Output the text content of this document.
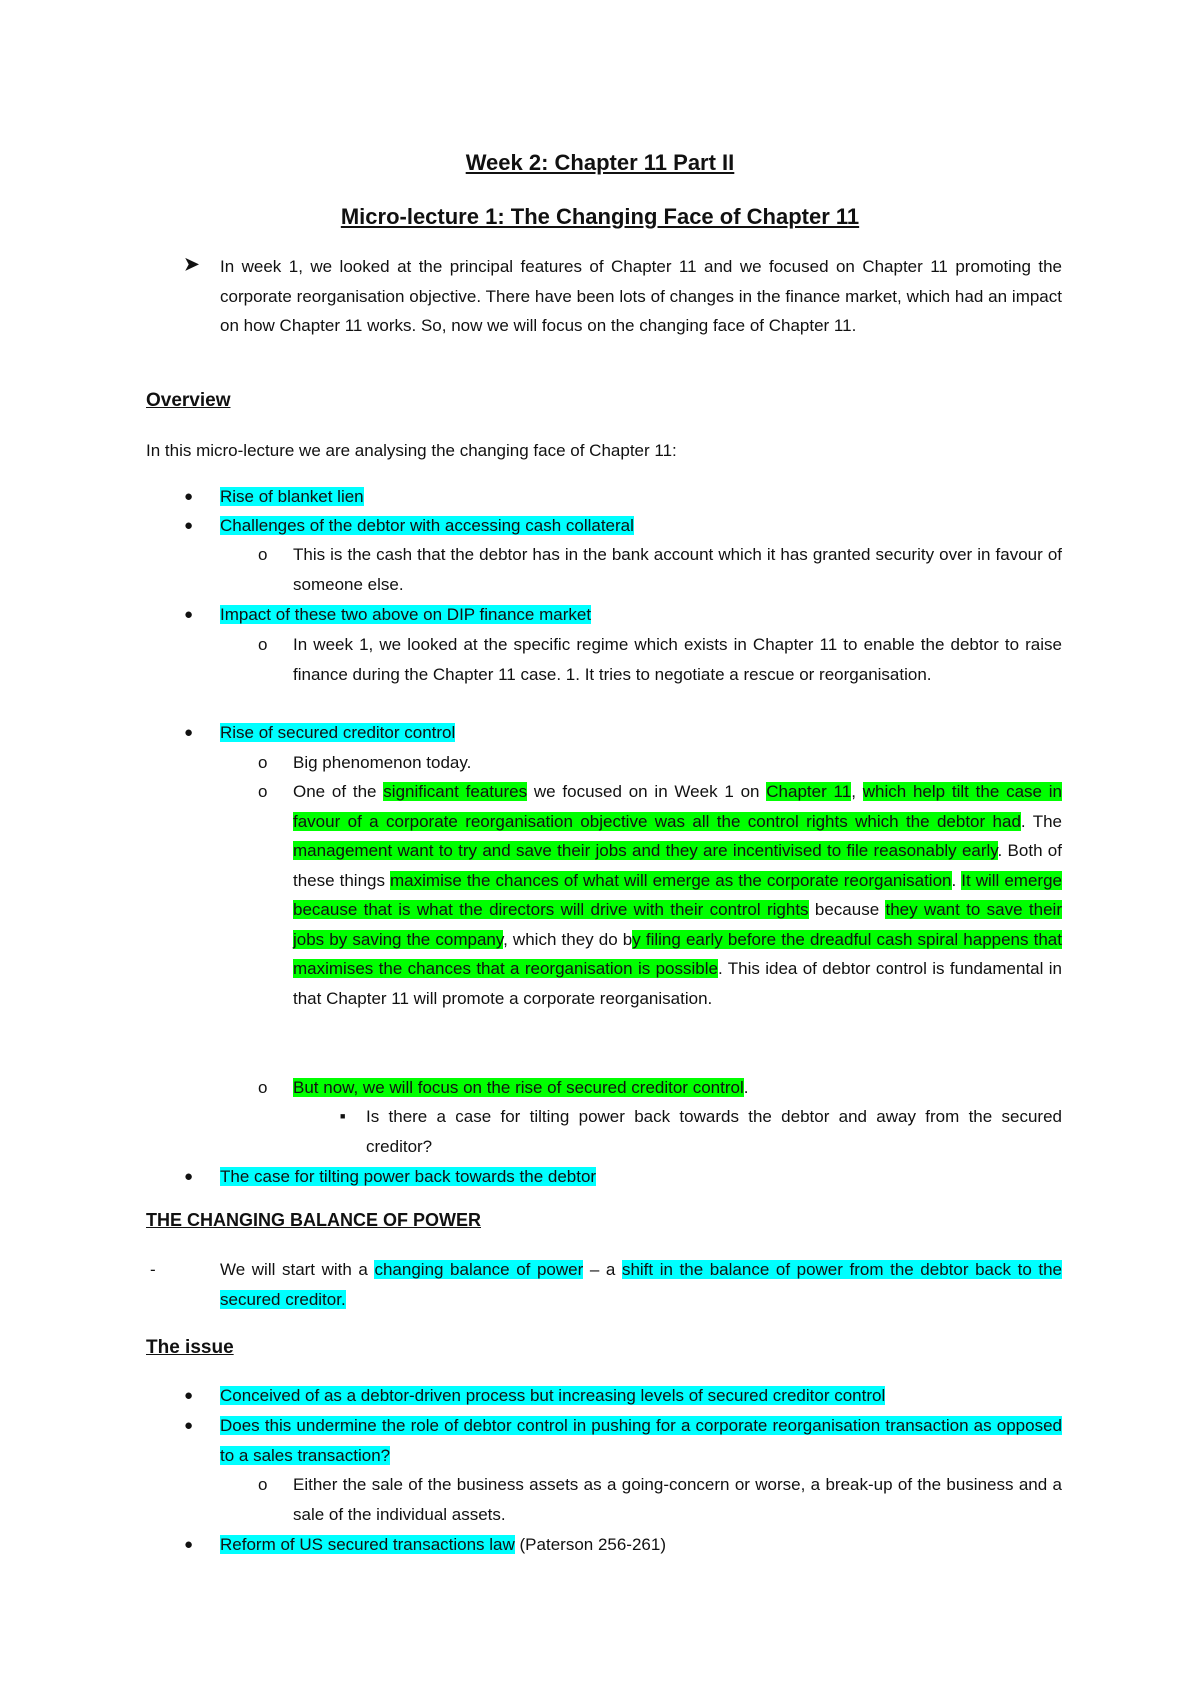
Week 2: Chapter 11 Part II
Micro-lecture 1: The Changing Face of Chapter 11
➤ In week 1, we looked at the principal features of Chapter 11 and we focused on Chapter 11 promoting the corporate reorganisation objective. There have been lots of changes in the finance market, which had an impact on how Chapter 11 works. So, now we will focus on the changing face of Chapter 11.
Overview
In this micro-lecture we are analysing the changing face of Chapter 11:
● Rise of blanket lien
● Challenges of the debtor with accessing cash collateral
o This is the cash that the debtor has in the bank account which it has granted security over in favour of someone else.
● Impact of these two above on DIP finance market
o In week 1, we looked at the specific regime which exists in Chapter 11 to enable the debtor to raise finance during the Chapter 11 case. 1. It tries to negotiate a rescue or reorganisation.
● Rise of secured creditor control
o Big phenomenon today.
o One of the significant features we focused on in Week 1 on Chapter 11, which help tilt the case in favour of a corporate reorganisation objective was all the control rights which the debtor had. The management want to try and save their jobs and they are incentivised to file reasonably early. Both of these things maximise the chances of what will emerge as the corporate reorganisation. It will emerge because that is what the directors will drive with their control rights because they want to save their jobs by saving the company, which they do by filing early before the dreadful cash spiral happens that maximises the chances that a reorganisation is possible. This idea of debtor control is fundamental in that Chapter 11 will promote a corporate reorganisation.
o But now, we will focus on the rise of secured creditor control.
■ Is there a case for tilting power back towards the debtor and away from the secured creditor?
● The case for tilting power back towards the debtor
THE CHANGING BALANCE OF POWER
-	We will start with a changing balance of power – a shift in the balance of power from the debtor back to the secured creditor.
The issue
● Conceived of as a debtor-driven process but increasing levels of secured creditor control
● Does this undermine the role of debtor control in pushing for a corporate reorganisation transaction as opposed to a sales transaction?
o Either the sale of the business assets as a going-concern or worse, a break-up of the business and a sale of the individual assets.
● Reform of US secured transactions law (Paterson 256-261)
